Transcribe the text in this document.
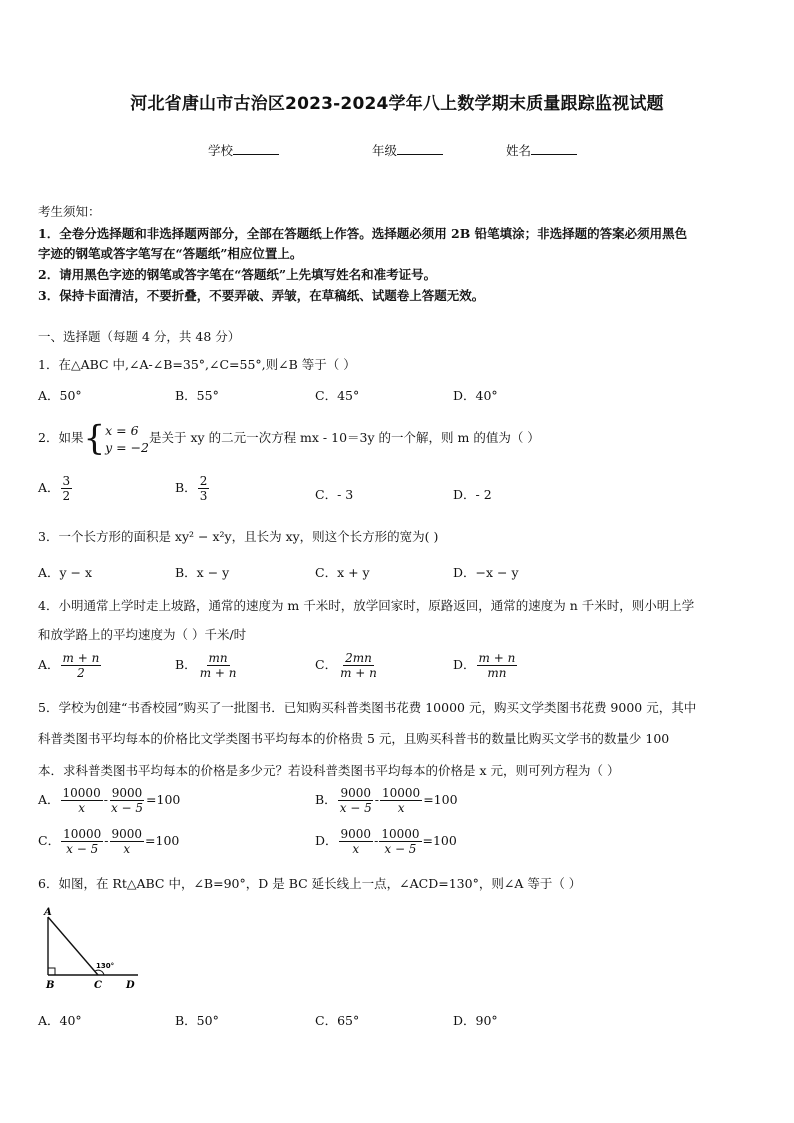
河北省唐山市古治区2023-2024学年八上数学期末质量跟踪监视试题
学校	年级	姓名
考生须知：
1．全卷分选择题和非选择题两部分，全部在答题纸上作答。选择题必须用 2B 铅笔填涂；非选择题的答案必须用黑色
字迹的钢笔或答字笔写在“答题纸”相应位置上。
2．请用黑色字迹的钢笔或答字笔在“答题纸”上先填写姓名和准考证号。
3．保持卡面清洁，不要折叠，不要弄破、弄皱，在草稿纸、试题卷上答题无效。
一、选择题（每题 4 分，共 48 分）
1．在△ABC 中,∠A-∠B=35°,∠C=55°,则∠B 等于（ ）
A．50°	B．55°	C．45°	D．40°
2．如果{ x = 6
y = −2
是关于 xy 的二元一次方程 mx - 10＝3y 的一个解，则 m 的值为（ ）
A． $\frac{3}{2}$	B． $\frac{2}{3}$	C．- 3	D．- 2
3．一个长方形的面积是 xy² − x²y，且长为 xy，则这个长方形的宽为( )
A．y − x	B．x − y	C．x + y	D．−x − y
4．小明通常上学时走上坡路，通常的速度为 m 千米时，放学回家时，原路返回，通常的速度为 n 千米时，则小明上学
和放学路上的平均速度为（ ）千米/时
A． $\frac{m + n}{2}$	B． $\frac{mn}{m + n}$	C． $\frac{2mn}{m + n}$	D． $\frac{m + n}{mn}$
5．学校为创建“书香校园”购买了一批图书．已知购买科普类图书花费 10000 元，购买文学类图书花费 9000 元，其中
科普类图书平均每本的价格比文学类图书平均每本的价格贵 5 元，且购买科普书的数量比购买文学书的数量少 100
本．求科普类图书平均每本的价格是多少元？若设科普类图书平均每本的价格是 x 元，则可列方程为（ ）
A． $\frac{10000}{x} - \frac{9000}{x - 5} =100$	B． $\frac{9000}{x - 5} - \frac{10000}{x} =100$
C． $\frac{10000}{x - 5} - \frac{9000}{x} =100$	D． $\frac{9000}{x} - \frac{10000}{x - 5} =100$
6．如图，在 Rt△ABC 中，∠B=90°，D 是 BC 延长线上一点，∠ACD=130°，则∠A 等于（ ）
A
B	C D
130°
A．40°	B．50°	C．65°	D．90°
